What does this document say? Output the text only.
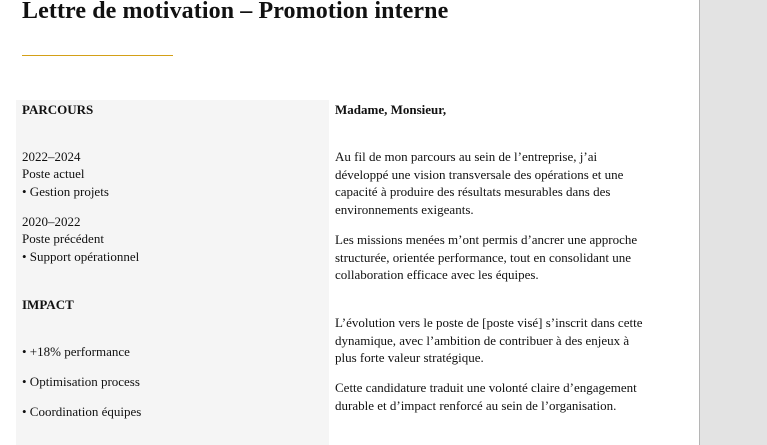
Lettre de motivation – Promotion interne
PARCOURS
2022–2024
Poste actuel
• Gestion projets
2020–2022
Poste précédent
• Support opérationnel
IMPACT
• +18% performance
• Optimisation process
• Coordination équipes
Madame, Monsieur,

Au fil de mon parcours au sein de l’entreprise, j’ai développé une vision transversale des opérations et une capacité à produire des résultats mesurables dans des environnements exigeants.

Les missions menées m’ont permis d’ancrer une approche structurée, orientée performance, tout en consolidant une collaboration efficace avec les équipes.

L’évolution vers le poste de [poste visé] s’inscrit dans cette dynamique, avec l’ambition de contribuer à des enjeux à plus forte valeur stratégique.

Cette candidature traduit une volonté claire d’engagement durable et d’impact renforcé au sein de l’organisation.
